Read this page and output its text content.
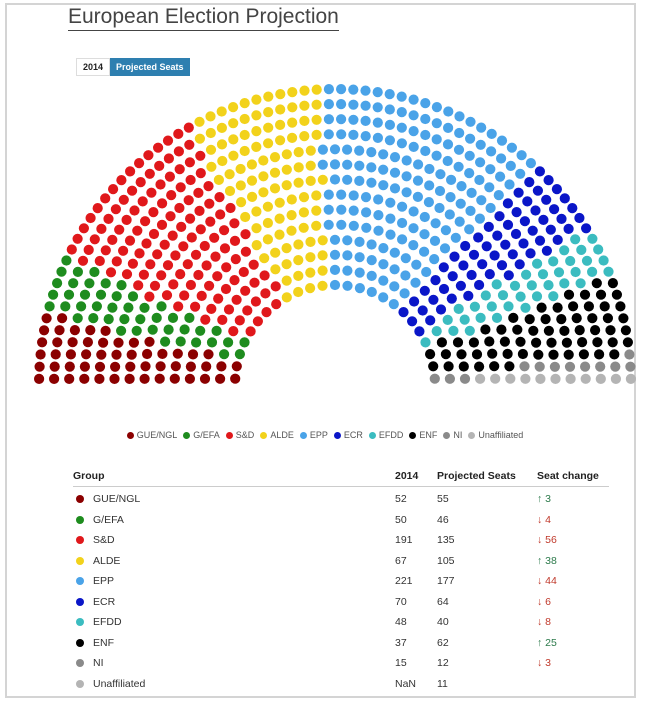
European Election Projection
2014	Projected Seats
GUE/NGL G/EFA S&D ALDE EPP ECR EFDD ENF NI Unaffiliated
Group	2014	Projected Seats	Seat change
GUE/NGL	52	55	↑ 3
G/EFA	50	46	↓ 4
S&D	191	135	↓ 56
ALDE	67	105	↑ 38
EPP	221	177	↓ 44
ECR	70	64	↓ 6
EFDD	48	40	↓ 8
ENF	37	62	↑ 25
NI	15	12	↓ 3
Unaffiliated	NaN	11
